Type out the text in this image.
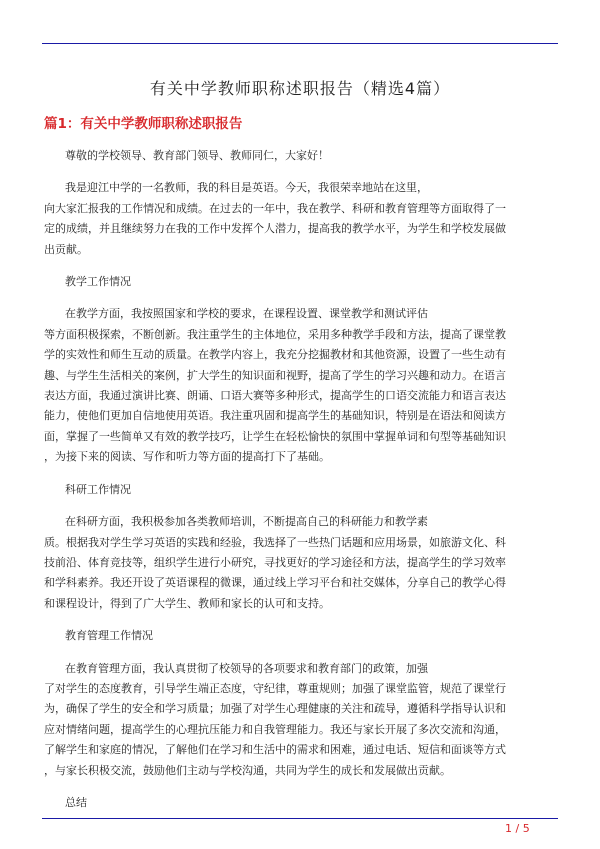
有关中学教师职称述职报告（精选4篇）
篇1：有关中学教师职称述职报告

尊敬的学校领导、教育部门领导、教师同仁，大家好！

我是迎江中学的一名教师，我的科目是英语。今天，我很荣幸地站在这里，

向大家汇报我的工作情况和成绩。在过去的一年中，我在教学、科研和教育管理等方面取得了一

定的成绩，并且继续努力在我的工作中发挥个人潜力，提高我的教学水平，为学生和学校发展做

出贡献。

教学工作情况

在教学方面，我按照国家和学校的要求，在课程设置、课堂教学和测试评估

等方面积极探索，不断创新。我注重学生的主体地位，采用多种教学手段和方法，提高了课堂教

学的实效性和师生互动的质量。在教学内容上，我充分挖掘教材和其他资源，设置了一些生动有

趣、与学生生活相关的案例，扩大学生的知识面和视野，提高了学生的学习兴趣和动力。在语言

表达方面，我通过演讲比赛、朗诵、口语大赛等多种形式，提高学生的口语交流能力和语言表达

能力，使他们更加自信地使用英语。我注重巩固和提高学生的基础知识，特别是在语法和阅读方

面，掌握了一些简单又有效的教学技巧，让学生在轻松愉快的氛围中掌握单词和句型等基础知识

，为接下来的阅读、写作和听力等方面的提高打下了基础。

科研工作情况

在科研方面，我积极参加各类教师培训，不断提高自己的科研能力和教学素

质。根据我对学生学习英语的实践和经验，我选择了一些热门话题和应用场景，如旅游文化、科

技前沿、体育竞技等，组织学生进行小研究，寻找更好的学习途径和方法，提高学生的学习效率

和学科素养。我还开设了英语课程的微课，通过线上学习平台和社交媒体，分享自己的教学心得

和课程设计，得到了广大学生、教师和家长的认可和支持。

教育管理工作情况

在教育管理方面，我认真贯彻了校领导的各项要求和教育部门的政策，加强

了对学生的态度教育，引导学生端正态度，守纪律，尊重规则；加强了课堂监管，规范了课堂行

为，确保了学生的安全和学习质量；加强了对学生心理健康的关注和疏导，遵循科学指导认识和

应对情绪问题，提高学生的心理抗压能力和自我管理能力。我还与家长开展了多次交流和沟通，

了解学生和家庭的情况，了解他们在学习和生活中的需求和困难，通过电话、短信和面谈等方式

，与家长积极交流，鼓励他们主动与学校沟通，共同为学生的成长和发展做出贡献。

总结

1 / 5
